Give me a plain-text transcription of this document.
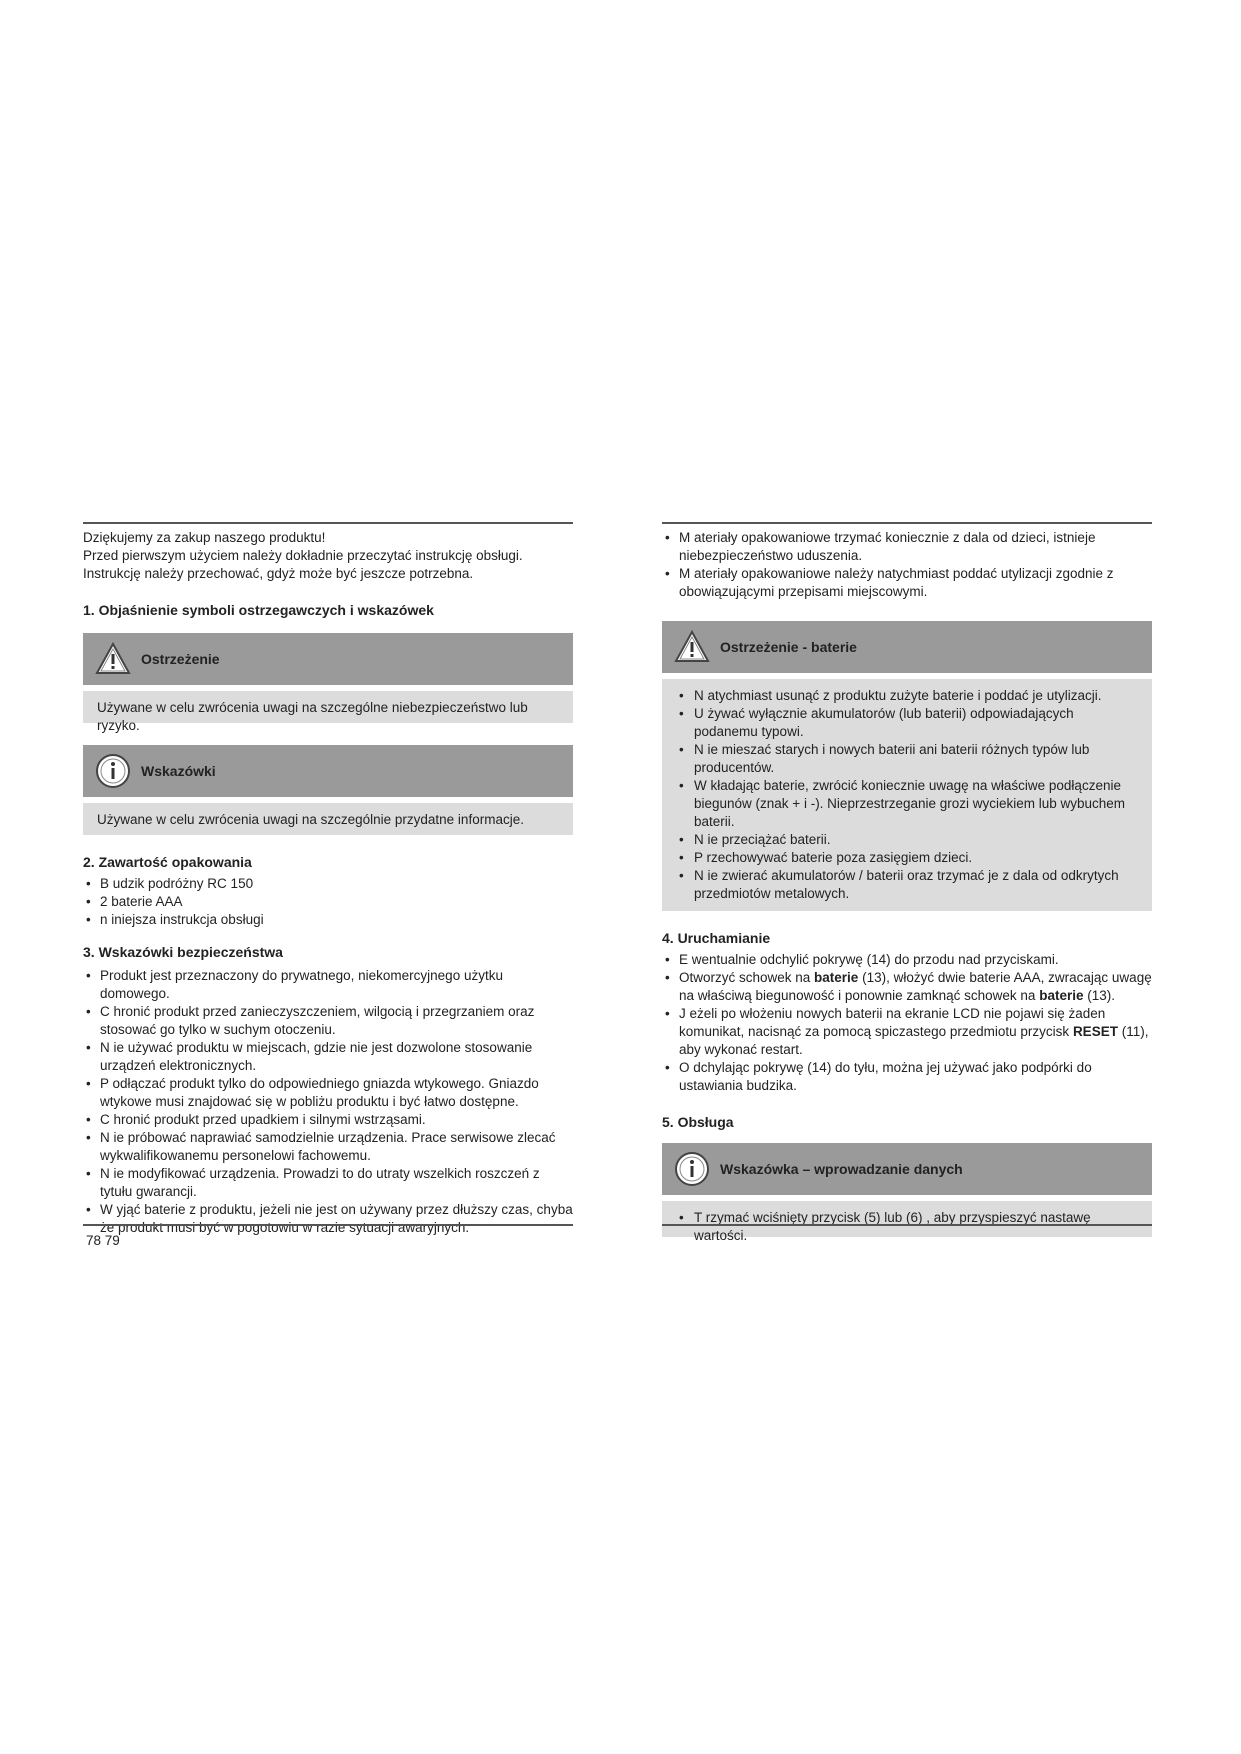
Dziękujemy za zakup naszego produktu!

Przed pierwszym użyciem należy dokładnie przeczytać instrukcję obsługi. Instrukcję należy przechować, gdyż może być jeszcze potrzebna.

1. Objaśnienie symboli ostrzegawczych i wskazówek
Ostrzeżenie

Używane w celu zwrócenia uwagi na szczególne niebezpieczeństwo lub ryzyko.

Wskazówki

Używane w celu zwrócenia uwagi na szczególnie przydatne informacje.

2. Zawartość opakowania
• B udzik podróżny RC 150
• 2 baterie AAA
• n iniejsza instrukcja obsługi
3. Wskazówki bezpieczeństwa
• Produkt jest przeznaczony do prywatnego, niekomercyjnego użytku domowego.
• C hronić produkt przed zanieczyszczeniem, wilgocią i przegrzaniem oraz stosować go tylko w suchym otoczeniu.
• N ie używać produktu w miejscach, gdzie nie jest dozwolone stosowanie urządzeń elektronicznych.
• P odłączać produkt tylko do odpowiedniego gniazda wtykowego. Gniazdo wtykowe musi znajdować się w pobliżu produktu i być łatwo dostępne.
• C hronić produkt przed upadkiem i silnymi wstrząsami.
• N ie próbować naprawiać samodzielnie urządzenia. Prace serwisowe zlecać wykwalifikowanemu personelowi fachowemu.
• N ie modyfikować urządzenia. Prowadzi to do utraty wszelkich roszczeń z tytułu gwarancji.
• W yjąć baterie z produktu, jeżeli nie jest on używany przez dłuższy czas, chyba że produkt musi być w pogotowiu w razie sytuacji awaryjnych.
78 79
• M ateriały opakowaniowe trzymać koniecznie z dala od dzieci, istnieje niebezpieczeństwo uduszenia.
• M ateriały opakowaniowe należy natychmiast poddać utylizacji zgodnie z obowiązującymi przepisami miejscowymi.
Ostrzeżenie - baterie
• N atychmiast usunąć z produktu zużyte baterie i poddać je utylizacji.
• U żywać wyłącznie akumulatorów (lub baterii) odpowiadających podanemu typowi.
• N ie mieszać starych i nowych baterii ani baterii różnych typów lub producentów.
• W kładając baterie, zwrócić koniecznie uwagę na właściwe podłączenie biegunów (znak + i -). Nieprzestrzeganie grozi wyciekiem lub wybuchem baterii.
• N ie przeciążać baterii.
• P rzechowywać baterie poza zasięgiem dzieci.
• N ie zwierać akumulatorów / baterii oraz trzymać je z dala od odkrytych przedmiotów metalowych.
4. Uruchamianie
• E wentualnie odchylić pokrywę (14) do przodu nad przyciskami.
• Otworzyć schowek na baterie (13), włożyć dwie baterie AAA, zwracając uwagę na właściwą biegunowość i ponownie zamknąć schowek na baterie (13).
• J eżeli po włożeniu nowych baterii na ekranie LCD nie pojawi się żaden komunikat, nacisnąć za pomocą spiczastego przedmiotu przycisk RESET (11), aby wykonać restart.
• O dchylając pokrywę (14) do tyłu, można jej używać jako podpórki do ustawiania budzika.
5. Obsługa
Wskazówka – wprowadzanie danych
• T rzymać wciśnięty przycisk (5) lub (6) , aby przyspieszyć nastawę wartości.
